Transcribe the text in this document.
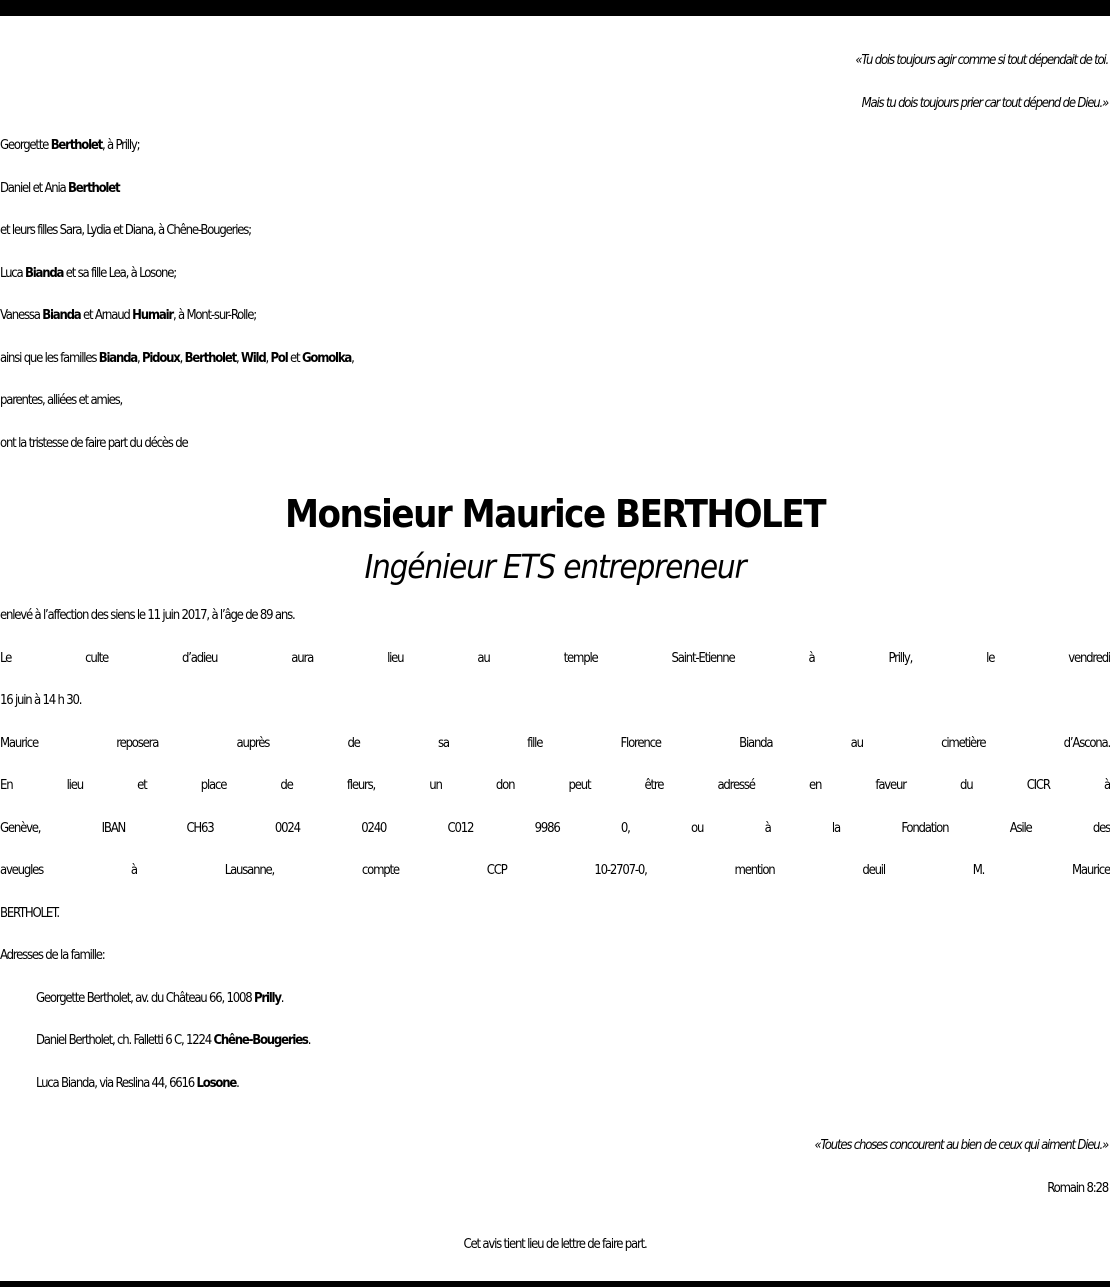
«Tu dois toujours agir comme si tout dépendait de toi.
Mais tu dois toujours prier car tout dépend de Dieu.»
Georgette Bertholet, à Prilly;
Daniel et Ania Bertholet
et leurs filles Sara, Lydia et Diana, à Chêne-Bougeries;
Luca Bianda et sa fille Lea, à Losone;
Vanessa Bianda et Arnaud Humair, à Mont-sur-Rolle;
ainsi que les familles Bianda, Pidoux, Bertholet, Wild, Pol et Gomolka,
parentes, alliées et amies,
ont la tristesse de faire part du décès de
Monsieur Maurice BERTHOLET
Ingénieur ETS entrepreneur
enlevé à l’affection des siens le 11 juin 2017, à l’âge de 89 ans.
Le culte d’adieu aura lieu au temple Saint-Etienne à Prilly, le vendredi
16 juin à 14 h 30.
Maurice reposera auprès de sa fille Florence Bianda au cimetière d’Ascona.
En lieu et place de fleurs, un don peut être adressé en faveur du CICR à
Genève, IBAN CH63 0024 0240 C012 9986 0, ou à la Fondation Asile des
aveugles à Lausanne, compte CCP 10-2707-0, mention deuil M. Maurice
BERTHOLET.
Adresses de la famille:
Georgette Bertholet, av. du Château 66, 1008 Prilly.
Daniel Bertholet, ch. Falletti 6 C, 1224 Chêne-Bougeries.
Luca Bianda, via Reslina 44, 6616 Losone.
«Toutes choses concourent au bien de ceux qui aiment Dieu.»
Romain 8:28
Cet avis tient lieu de lettre de faire part.
